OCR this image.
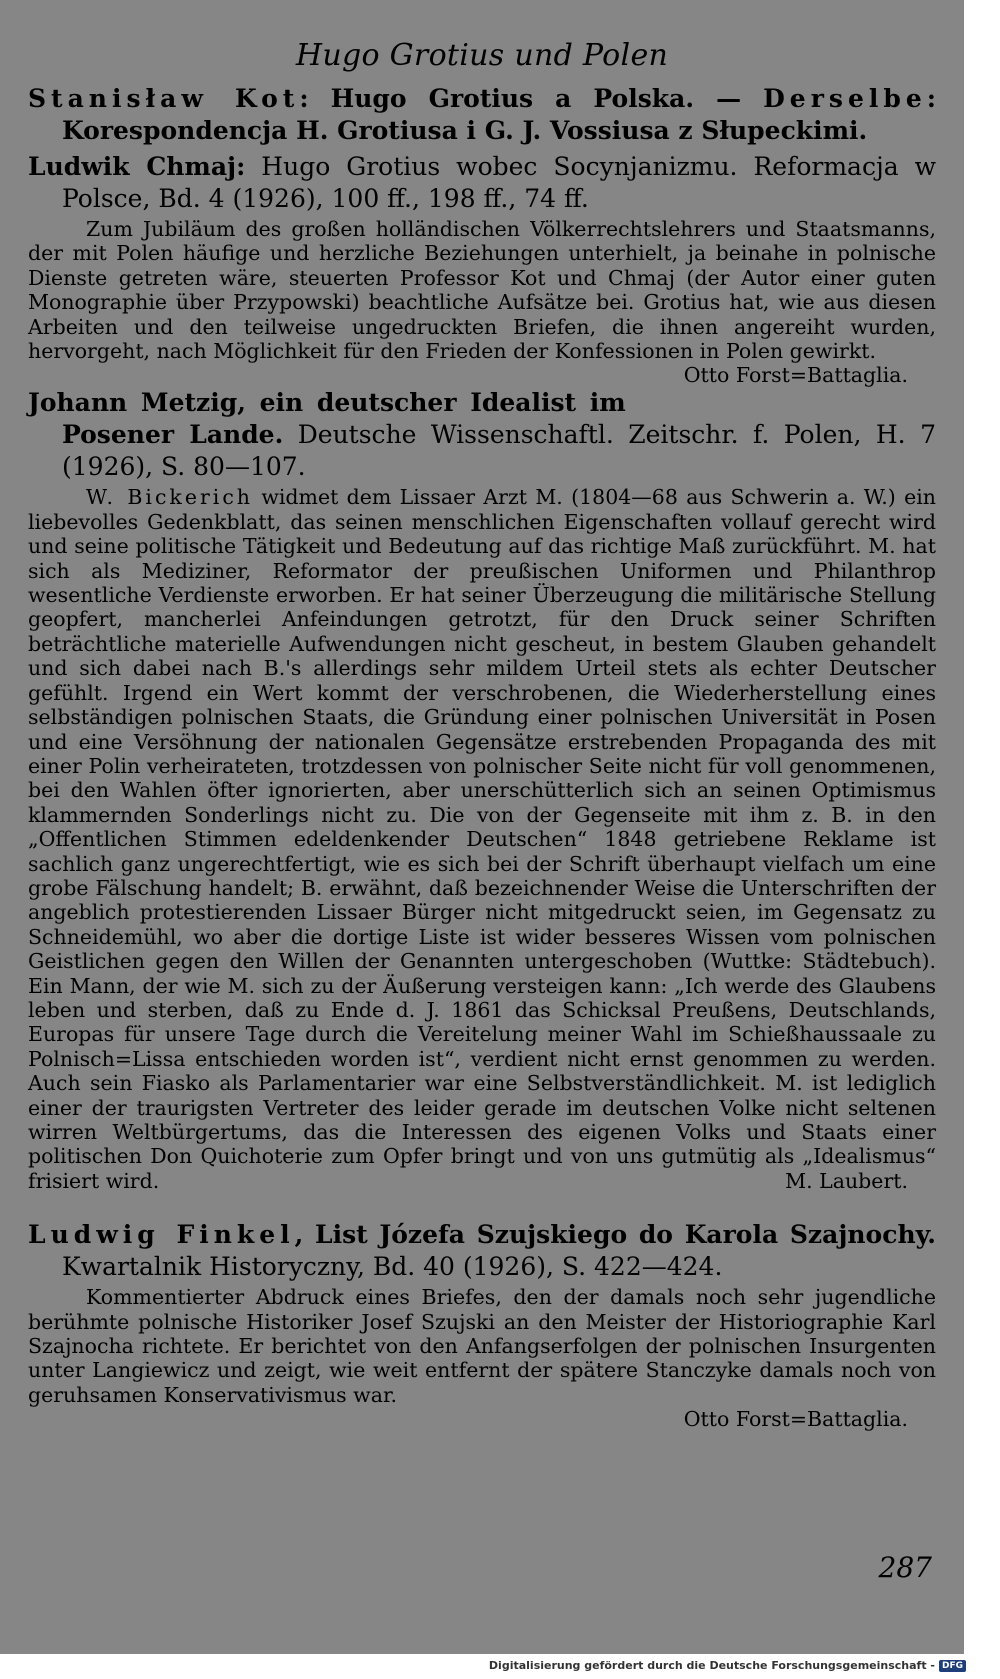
Hugo Grotius und Polen

Stanisław Kot: Hugo Grotius a Polska. — Derselbe: Korespondencja H. Grotiusa i G. J. Vossiusa z Słupeckimi.

Ludwik Chmaj: Hugo Grotius wobec Socynjanizmu. Reformacja w Polsce, Bd. 4 (1926), 100 ff., 198 ff., 74 ff.

Zum Jubiläum des großen holländischen Völkerrechtslehrers und Staatsmanns, der mit Polen häufige und herzliche Beziehungen unterhielt, ja beinahe in polnische Dienste getreten wäre, steuerten Professor Kot und Chmaj (der Autor einer guten Monographie über Przypowski) beachtliche Aufsätze bei. Grotius hat, wie aus diesen Arbeiten und den teilweise ungedruckten Briefen, die ihnen angereiht wurden, hervorgeht, nach Möglichkeit für den Frieden der Konfessionen in Polen gewirkt.
Otto Forst=Battaglia.

Johann Metzig, ein deutscher Idealist im Posener Lande. Deutsche Wissenschaftl. Zeitschr. f. Polen, H. 7 (1926), S. 80—107.

W. Bickerich widmet dem Lissaer Arzt M. (1804—68 aus Schwerin a. W.) ein liebevolles Gedenkblatt, das seinen menschlichen Eigenschaften vollauf gerecht wird und seine politische Tätigkeit und Bedeutung auf das richtige Maß zurückführt. M. hat sich als Mediziner, Reformator der preußischen Uniformen und Philanthrop wesentliche Verdienste erworben. Er hat seiner Überzeugung die militärische Stellung geopfert, mancherlei Anfeindungen getrotzt, für den Druck seiner Schriften beträchtliche materielle Aufwendungen nicht gescheut, in bestem Glauben gehandelt und sich dabei nach B.'s allerdings sehr mildem Urteil stets als echter Deutscher gefühlt. Irgend ein Wert kommt der verschrobenen, die Wiederherstellung eines selbständigen polnischen Staats, die Gründung einer polnischen Universität in Posen und eine Versöhnung der nationalen Gegensätze erstrebenden Propaganda des mit einer Polin verheirateten, trotzdessen von polnischer Seite nicht für voll genommenen, bei den Wahlen öfter ignorierten, aber unerschütterlich sich an seinen Optimismus klammernden Sonderlings nicht zu. Die von der Gegenseite mit ihm z. B. in den „Offentlichen Stimmen edeldenkender Deutschen“ 1848 getriebene Reklame ist sachlich ganz ungerechtfertigt, wie es sich bei der Schrift überhaupt vielfach um eine grobe Fälschung handelt; B. erwähnt, daß bezeichnender Weise die Unterschriften der angeblich protestierenden Lissaer Bürger nicht mitgedruckt seien, im Gegensatz zu Schneidemühl, wo aber die dortige Liste ist wider besseres Wissen vom polnischen Geistlichen gegen den Willen der Genannten untergeschoben (Wuttke: Städtebuch). Ein Mann, der wie M. sich zu der Äußerung versteigen kann: „Ich werde des Glaubens leben und sterben, daß zu Ende d. J. 1861 das Schicksal Preußens, Deutschlands, Europas für unsere Tage durch die Vereitelung meiner Wahl im Schießhaussaale zu Polnisch=Lissa entschieden worden ist“, verdient nicht ernst genommen zu werden. Auch sein Fiasko als Parlamentarier war eine Selbstverständlichkeit. M. ist lediglich einer der traurigsten Vertreter des leider gerade im deutschen Volke nicht seltenen wirren Weltbürgertums, das die Interessen des eigenen Volks und Staats einer politischen Don Quichoterie zum Opfer bringt und von uns gutmütig als „Idealismus“ frisiert wird.	M. Laubert.

Ludwig Finkel, List Józefa Szujskiego do Karola Szajnochy. Kwartalnik Historyczny, Bd. 40 (1926), S. 422—424.

Kommentierter Abdruck eines Briefes, den der damals noch sehr jugendliche berühmte polnische Historiker Josef Szujski an den Meister der Historiographie Karl Szajnocha richtete. Er berichtet von den Anfangserfolgen der polnischen Insurgenten unter Langiewicz und zeigt, wie weit entfernt der spätere Stanczyke damals noch von geruhsamen Konservativismus war.

Otto Forst=Battaglia.
287
Digitalisierung gefördert durch die Deutsche Forschungsgemeinschaft - DFG
